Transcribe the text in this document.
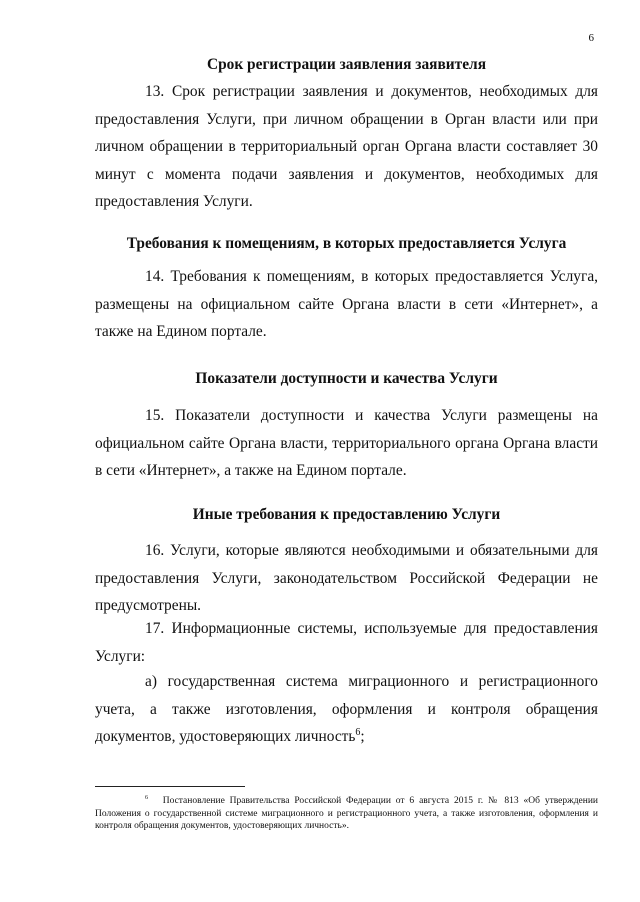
6
Срок регистрации заявления заявителя

13. Срок регистрации заявления и документов, необходимых для предоставления Услуги, при личном обращении в Орган власти или при личном обращении в территориальный орган Органа власти составляет 30 минут с момента подачи заявления и документов, необходимых для предоставления Услуги.

Требования к помещениям, в которых предоставляется Услуга

14. Требования к помещениям, в которых предоставляется Услуга, размещены на официальном сайте Органа власти в сети «Интернет», а также на Едином портале.

Показатели доступности и качества Услуги

15. Показатели доступности и качества Услуги размещены на официальном сайте Органа власти, территориального органа Органа власти в сети «Интернет», а также на Едином портале.

Иные требования к предоставлению Услуги

16. Услуги, которые являются необходимыми и обязательными для предоставления Услуги, законодательством Российской Федерации не предусмотрены.

17. Информационные системы, используемые для предоставления Услуги:

а) государственная система миграционного и регистрационного учета, а также изготовления, оформления и контроля обращения документов, удостоверяющих личность$^6$;

$^6$ Постановление Правительства Российской Федерации от 6 августа 2015 г. № 813 «Об утверждении Положения о государственной системе миграционного и регистрационного учета, а также изготовления, оформления и контроля обращения документов, удостоверяющих личность».
